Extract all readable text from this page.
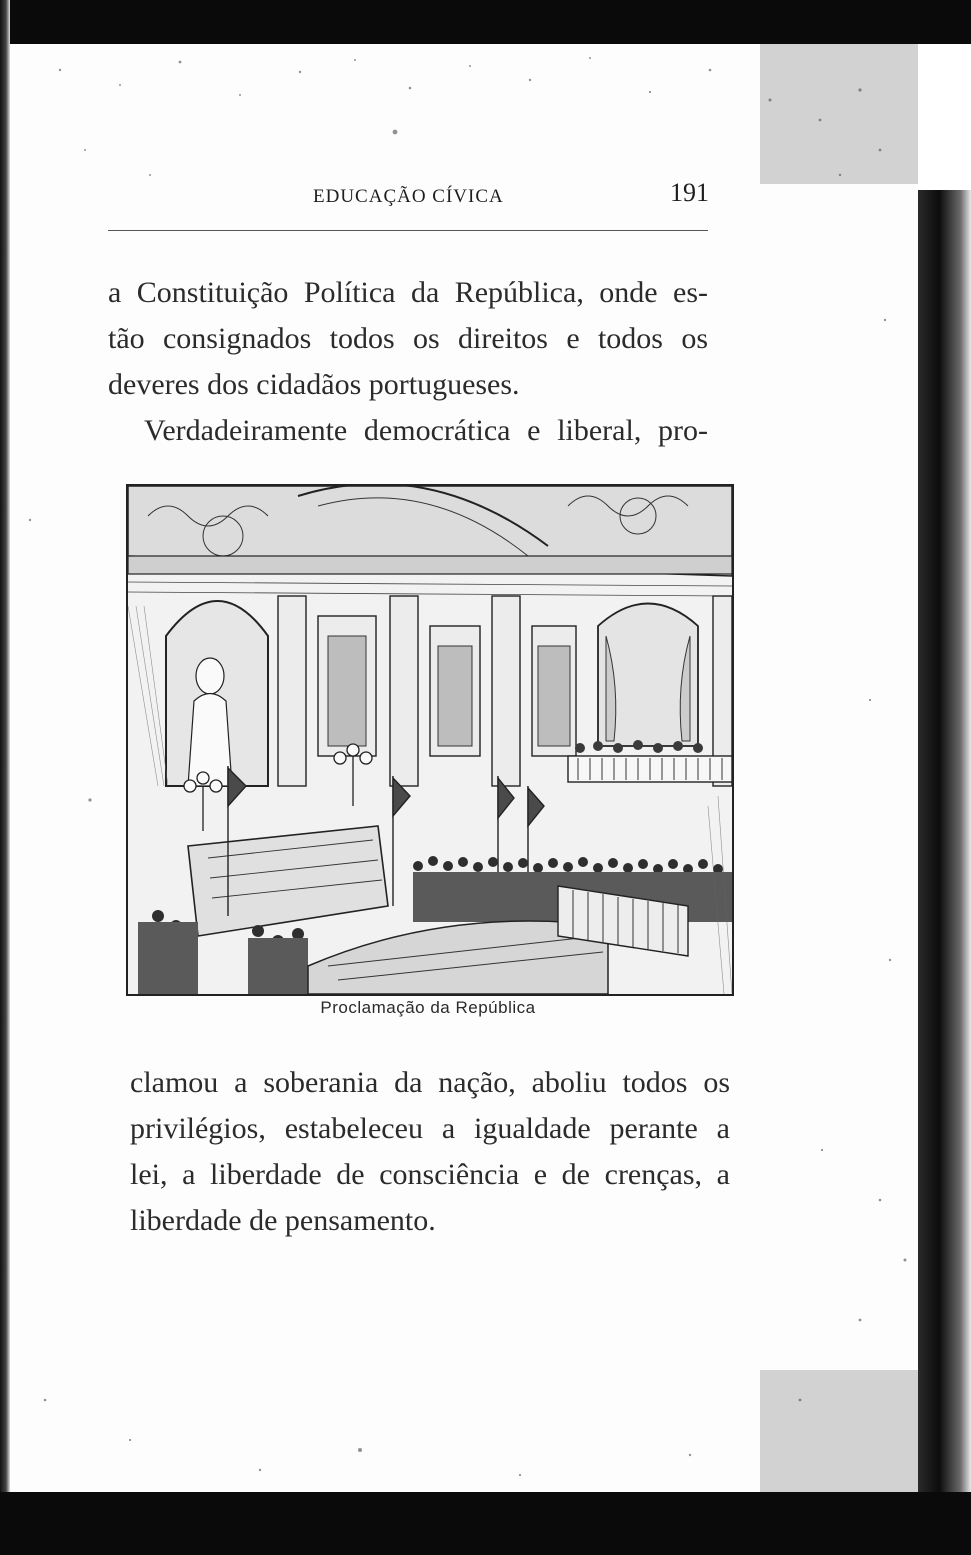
EDUCAÇÃO CÍVICA	191
a Constituição Política da República, onde es-
tão consignados todos os direitos e todos os
deveres dos cidadãos portugueses.
Verdadeiramente democrática e liberal, pro-
Proclamação da República
clamou a soberania da nação, aboliu todos os
privilégios, estabeleceu a igualdade perante a
lei, a liberdade de consciência e de crenças, a
liberdade de pensamento.
